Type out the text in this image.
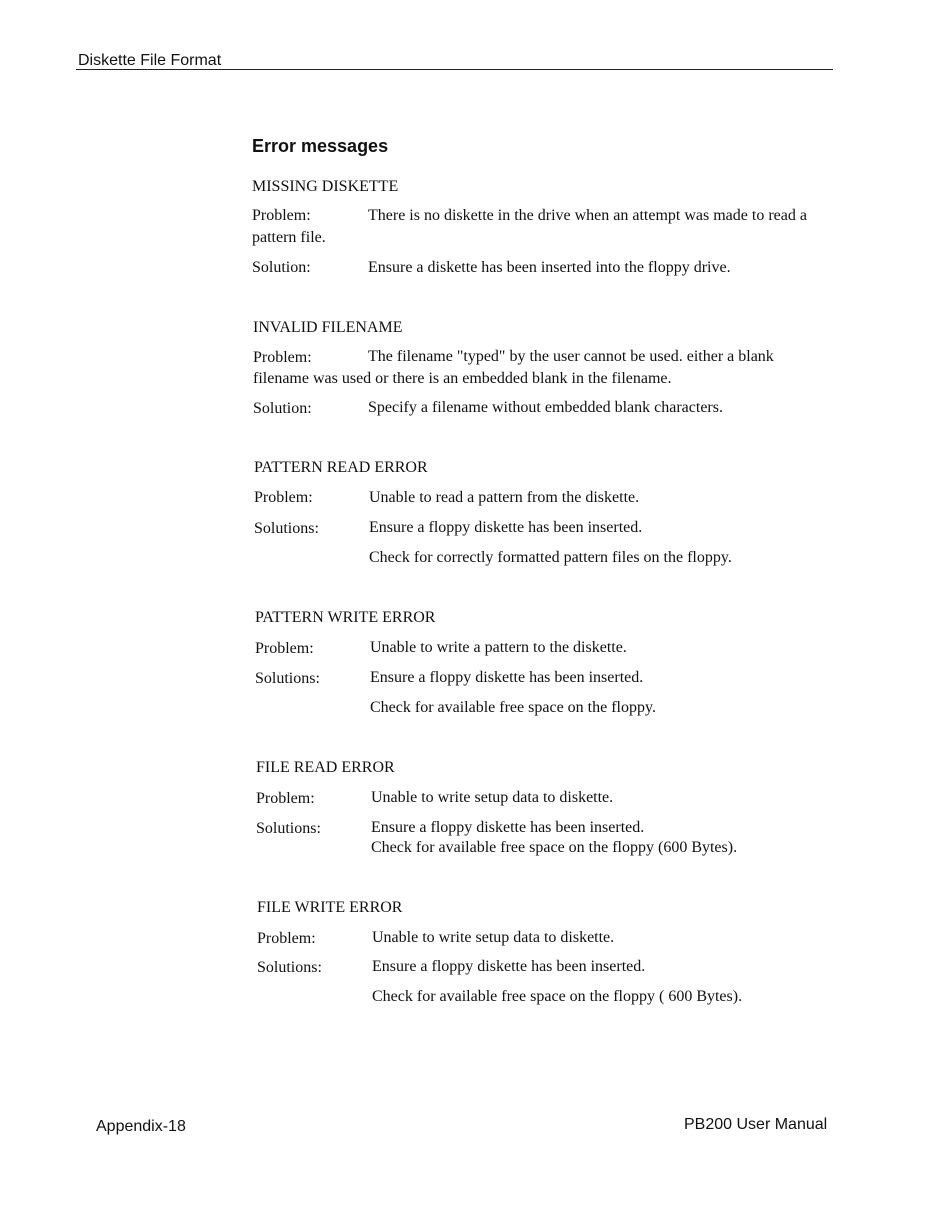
Diskette File Format
Error messages
MISSING DISKETTE
Problem:	There is no diskette in the drive when an attempt was made to read a pattern file.
Solution:	Ensure a diskette has been inserted into the floppy drive.
INVALID FILENAME
Problem:	The filename "typed" by the user cannot be used. either a blank filename was used or there is an embedded blank in the filename.
Solution:	Specify a filename without embedded blank characters.
PATTERN READ ERROR
Problem:	Unable to read a pattern from the diskette.
Solutions:	Ensure a floppy diskette has been inserted.
Check for correctly formatted pattern files on the floppy.
PATTERN WRITE ERROR
Problem:	Unable to write a pattern to the diskette.
Solutions:	Ensure a floppy diskette has been inserted.
Check for available free space on the floppy.
FILE READ ERROR
Problem:	Unable to write setup data to diskette.
Solutions:	Ensure a floppy diskette has been inserted.
Check for available free space on the floppy (600 Bytes).
FILE WRITE ERROR
Problem:	Unable to write setup data to diskette.
Solutions:	Ensure a floppy diskette has been inserted.
Check for available free space on the floppy ( 600 Bytes).
Appendix-18	PB200 User Manual
